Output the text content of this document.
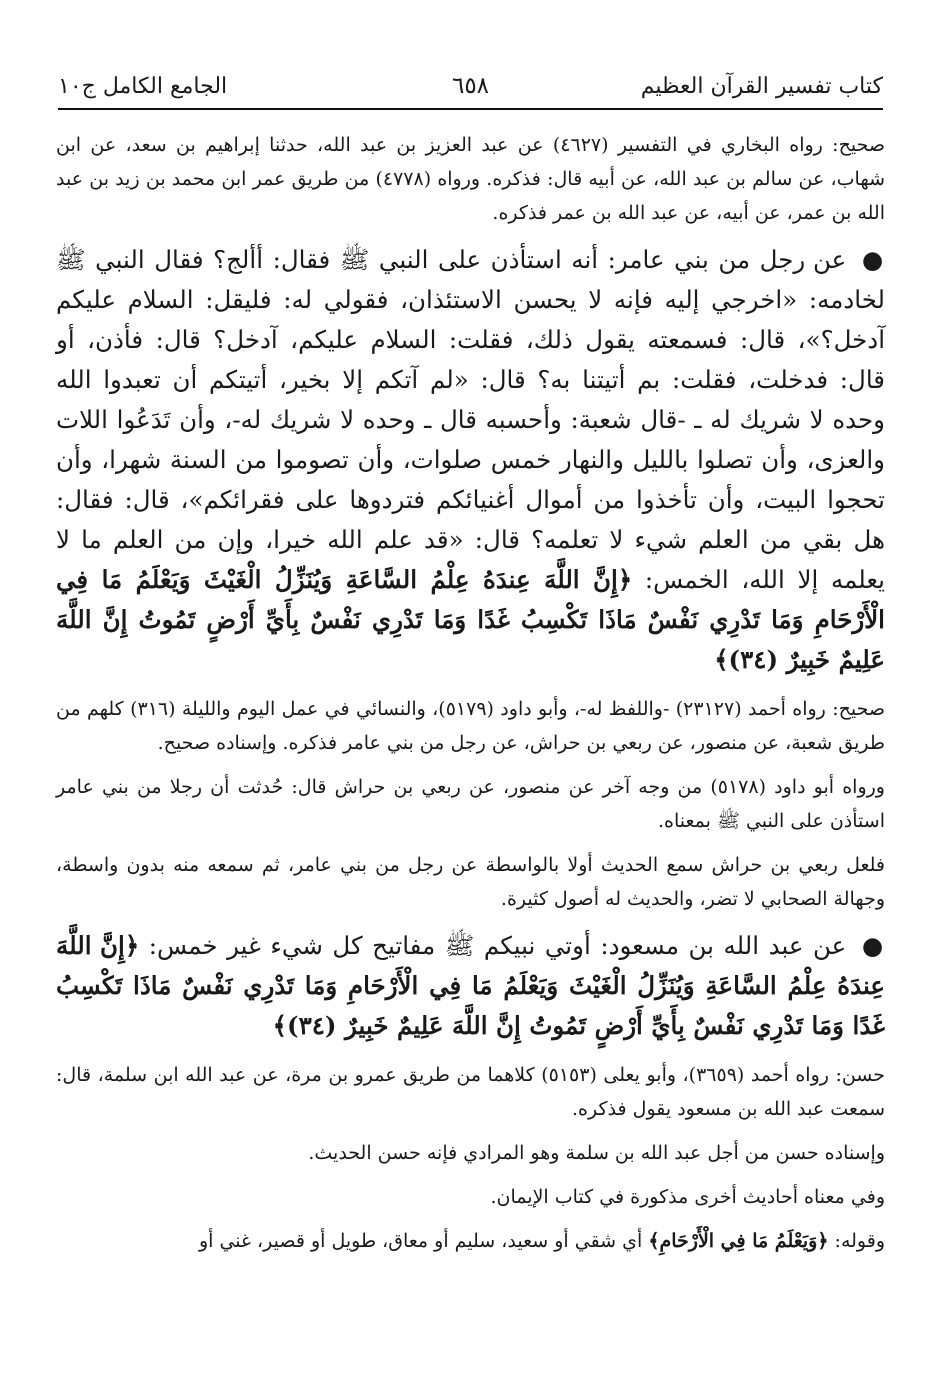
كتاب تفسير القرآن العظيم
٦٥٨
الجامع الكامل ج١٠

صحيح: رواه البخاري في التفسير (٤٦٢٧) عن عبد العزيز بن عبد الله، حدثنا إبراهيم بن سعد، عن ابن شهاب، عن سالم بن عبد الله، عن أبيه قال: فذكره. ورواه (٤٧٧٨) من طريق عمر ابن محمد بن زيد بن عبد الله بن عمر، عن أبيه، عن عبد الله بن عمر فذكره.

● عن رجل من بني عامر: أنه استأذن على النبي ﷺ فقال: أألج؟ فقال النبي ﷺ لخادمه: «اخرجي إليه فإنه لا يحسن الاستئذان، فقولي له: فليقل: السلام عليكم آدخل؟»، قال: فسمعته يقول ذلك، فقلت: السلام عليكم، آدخل؟ قال: فأذن، أو قال: فدخلت، فقلت: بم أتيتنا به؟ قال: «لم آتكم إلا بخير، أتيتكم أن تعبدوا الله وحده لا شريك له ـ -قال شعبة: وأحسبه قال ـ وحده لا شريك له-، وأن تَدَعُوا اللات والعزى، وأن تصلوا بالليل والنهار خمس صلوات، وأن تصوموا من السنة شهرا، وأن تحجوا البيت، وأن تأخذوا من أموال أغنيائكم فتردوها على فقرائكم»، قال: فقال: هل بقي من العلم شيء لا تعلمه؟ قال: «قد علم الله خيرا، وإن من العلم ما لا يعلمه إلا الله، الخمس: ﴿إِنَّ اللَّهَ عِندَهُ عِلْمُ السَّاعَةِ وَيُنَزِّلُ الْغَيْثَ وَيَعْلَمُ مَا فِي الْأَرْحَامِ وَمَا تَدْرِي نَفْسٌ مَاذَا تَكْسِبُ غَدًا وَمَا تَدْرِي نَفْسٌ بِأَيِّ أَرْضٍ تَمُوتُ إِنَّ اللَّهَ عَلِيمٌ خَبِيرٌ (٣٤)﴾

صحيح: رواه أحمد (٢٣١٢٧) -واللفظ له-، وأبو داود (٥١٧٩)، والنسائي في عمل اليوم والليلة (٣١٦) كلهم من طريق شعبة، عن منصور، عن ربعي بن حراش، عن رجل من بني عامر فذكره. وإسناده صحيح.

ورواه أبو داود (٥١٧٨) من وجه آخر عن منصور، عن ربعي بن حراش قال: حُدثت أن رجلا من بني عامر استأذن على النبي ﷺ بمعناه.

فلعل ربعي بن حراش سمع الحديث أولا بالواسطة عن رجل من بني عامر، ثم سمعه منه بدون واسطة، وجهالة الصحابي لا تضر، والحديث له أصول كثيرة.

● عن عبد الله بن مسعود: أوتي نبيكم ﷺ مفاتيح كل شيء غير خمس: ﴿إِنَّ اللَّهَ عِندَهُ عِلْمُ السَّاعَةِ وَيُنَزِّلُ الْغَيْثَ وَيَعْلَمُ مَا فِي الْأَرْحَامِ وَمَا تَدْرِي نَفْسٌ مَاذَا تَكْسِبُ غَدًا وَمَا تَدْرِي نَفْسٌ بِأَيِّ أَرْضٍ تَمُوتُ إِنَّ اللَّهَ عَلِيمٌ خَبِيرٌ (٣٤)﴾

حسن: رواه أحمد (٣٦٥٩)، وأبو يعلى (٥١٥٣) كلاهما من طريق عمرو بن مرة، عن عبد الله ابن سلمة، قال: سمعت عبد الله بن مسعود يقول فذكره.

وإسناده حسن من أجل عبد الله بن سلمة وهو المرادي فإنه حسن الحديث.

وفي معناه أحاديث أخرى مذكورة في كتاب الإيمان.

وقوله: ﴿وَيَعْلَمُ مَا فِي الْأَرْحَامِ﴾ أي شقي أو سعيد، سليم أو معاق، طويل أو قصير، غني أو
